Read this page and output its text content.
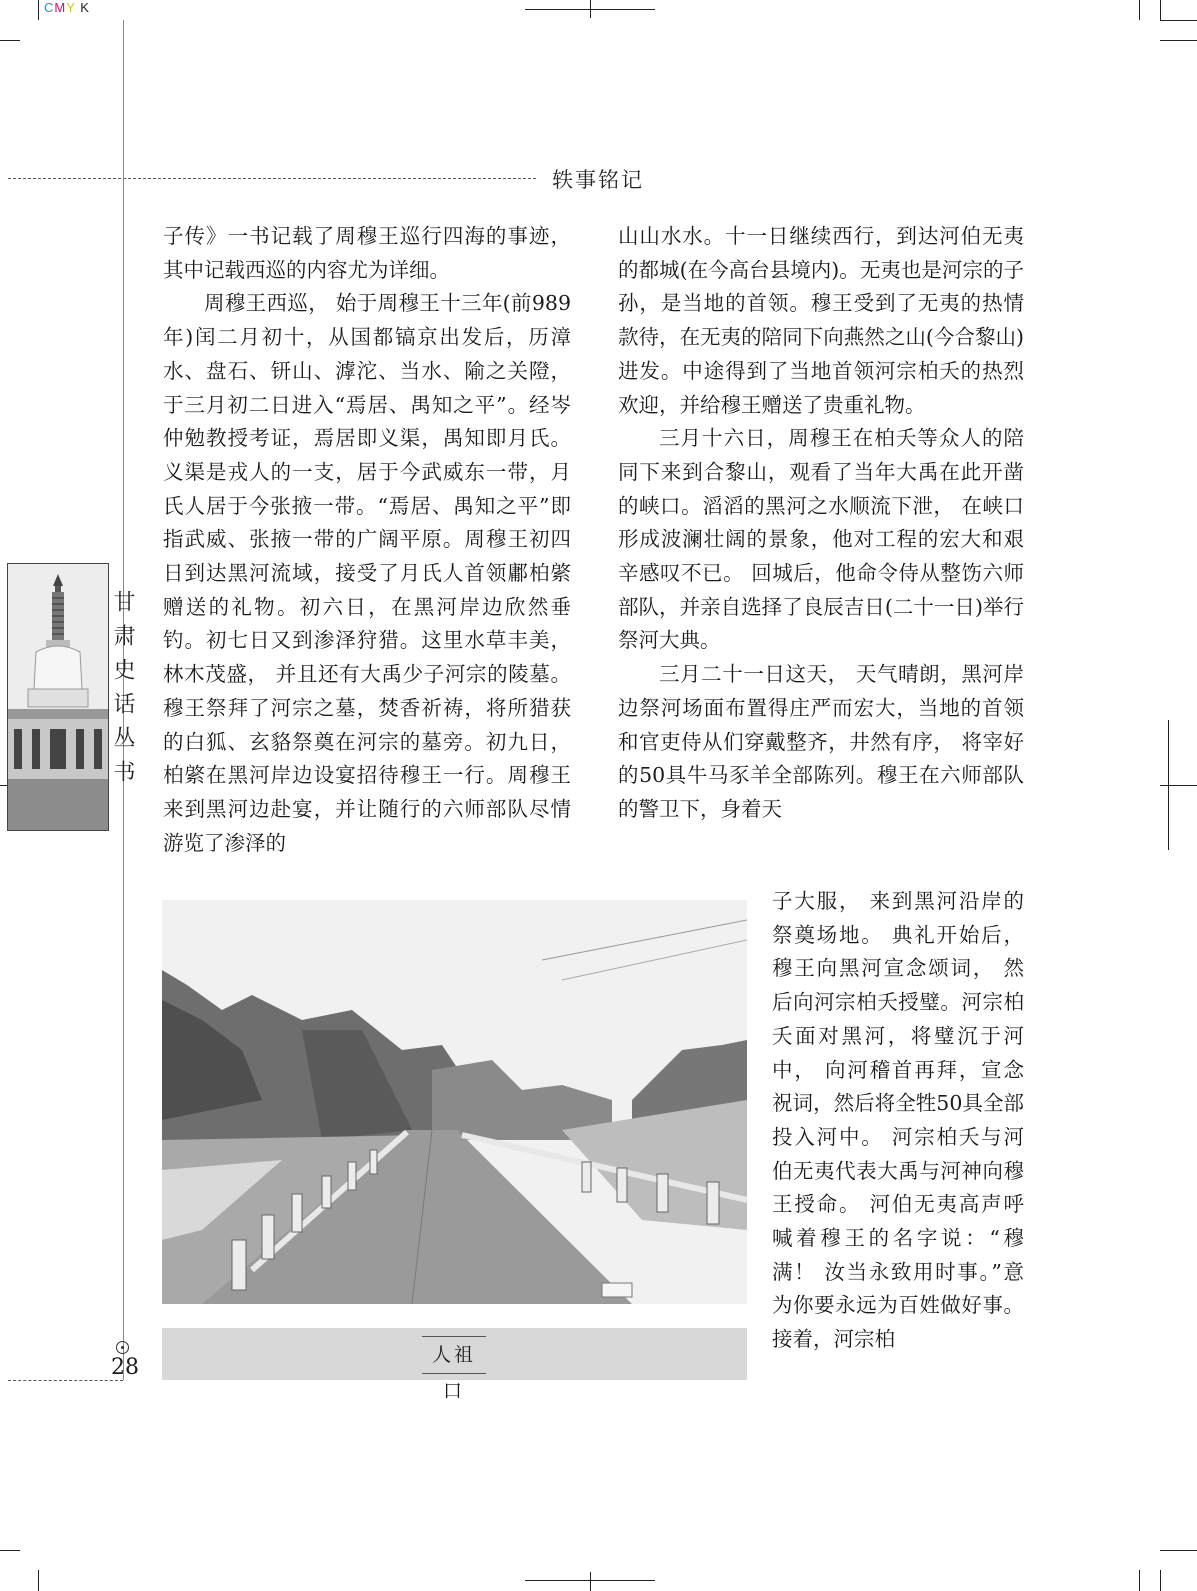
CMY K
轶事铭记
甘肃史话丛书
28

子传》一书记载了周穆王巡行四海的事迹，其中记载西巡的内容尤为详细。

周穆王西巡， 始于周穆王十三年(前989年)闰二月初十，从国都镐京出发后，历漳水、盘石、钘山、滹沱、当水、隃之关隥，于三月初二日进入“焉居、禺知之平”。经岑仲勉教授考证，焉居即义渠，禺知即月氏。义渠是戎人的一支，居于今武威东一带，月氏人居于今张掖一带。“焉居、禺知之平”即指武威、张掖一带的广阔平原。周穆王初四日到达黑河流域，接受了月氏人首领鄘柏綮赠送的礼物。初六日，在黑河岸边欣然垂钓。初七日又到渗泽狩猎。这里水草丰美，林木茂盛， 并且还有大禹少子河宗的陵墓。穆王祭拜了河宗之墓，焚香祈祷，将所猎获的白狐、玄貉祭奠在河宗的墓旁。初九日，柏綮在黑河岸边设宴招待穆王一行。周穆王来到黑河边赴宴，并让随行的六师部队尽情游览了渗泽的

山山水水。十一日继续西行，到达河伯无夷的都城(在今高台县境内)。无夷也是河宗的子孙，是当地的首领。穆王受到了无夷的热情款待，在无夷的陪同下向燕然之山(今合黎山)进发。中途得到了当地首领河宗柏夭的热烈欢迎，并给穆王赠送了贵重礼物。

三月十六日，周穆王在柏夭等众人的陪同下来到合黎山，观看了当年大禹在此开凿的峡口。滔滔的黑河之水顺流下泄， 在峡口形成波澜壮阔的景象，他对工程的宏大和艰辛感叹不已。 回城后，他命令侍从整饬六师部队，并亲自选择了良辰吉日(二十一日)举行祭河大典。

三月二十一日这天， 天气晴朗，黑河岸边祭河场面布置得庄严而宏大，当地的首领和官吏侍从们穿戴整齐，井然有序， 将宰好的50具牛马豕羊全部陈列。穆王在六师部队的警卫下，身着天

子大服， 来到黑河沿岸的祭奠场地。 典礼开始后， 穆王向黑河宣念颂词， 然后向河宗柏夭授璧。河宗柏夭面对黑河，将璧沉于河中， 向河稽首再拜，宣念祝词，然后将全牲50具全部投入河中。 河宗柏夭与河伯无夷代表大禹与河神向穆王授命。 河伯无夷高声呼喊着穆王的名字说：“穆满！ 汝当永致用时事。”意为你要永远为百姓做好事。接着，河宗柏

人祖口
